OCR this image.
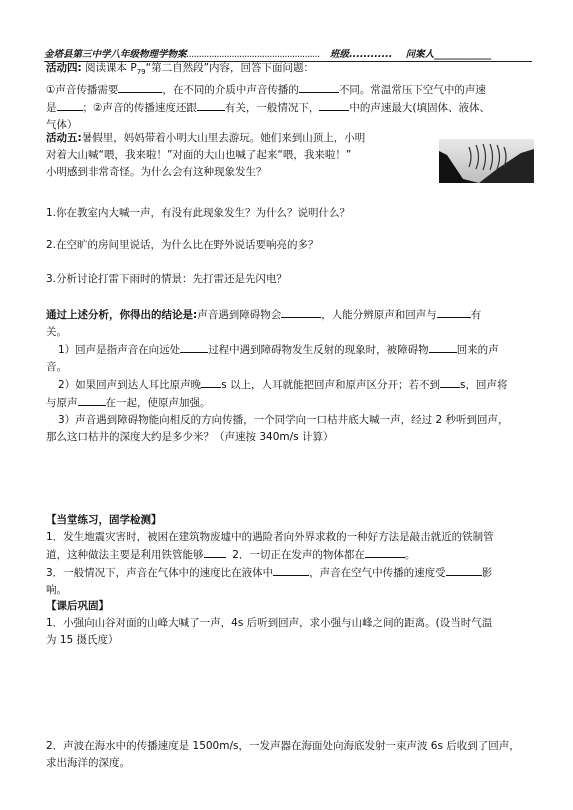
金塔县第三中学八年级物理学物案..................................................... 班级............ 问案人____________
活动四: 阅读课本 $P_{79}“$第二自然段”内容，回答下面问题：
①声音传播需要	，在不同的介质中声音传播的	不同。常温常压下空气中的声速
是 ；②声音的传播速度还跟	有关，一般情况下，	中的声速最大(填固体、液体、
气体）
活动五:暑假里，妈妈带着小明大山里去游玩。她们来到山顶上，小明
对着大山喊“喂，我来啦！”对面的大山也喊了起来“喂，我来啦！”
小明感到非常奇怪。为什么会有这种现象发生？
1.你在教室内大喊一声，有没有此现象发生？为什么？说明什么？
2.在空旷的房间里说话，为什么比在野外说话要响亮的多？
3.分析讨论打雷下雨时的情景：先打雷还是先闪电？
通过上述分析，你得出的结论是:声音遇到障碍物会	，人能分辨原声和回声与	有
关。
1）回声是指声音在向远处	过程中遇到障碍物发生反射的现象时，被障碍物	回来的声
音。
2）如果回声到达人耳比原声晚 s 以上，人耳就能把回声和原声区分开；若不到 s，回声将
与原声	在一起，使原声加强。
3）声音遇到障碍物能向相反的方向传播，一个同学向一口枯井底大喊一声，经过 2 秒听到回声，
那么这口枯井的深度大约是多少米？（声速按 340m/s 计算）
【当堂练习，固学检测】
1．发生地震灾害时，被困在建筑物废墟中的遇险者向外界求救的一种好方法是敲击就近的铁制管
道，这种做法主要是利用铁管能够	2．一切正在发声的物体都在	。
3．一般情况下，声音在气体中的速度比在液体中	，声音在空气中传播的速度受	影
响。
【课后巩固】
1．小强向山谷对面的山峰大喊了一声，4s 后听到回声，求小强与山峰之间的距离。(设当时气温
为 15 摄氏度）
2．声波在海水中的传播速度是 1500m/s，一发声器在海面处向海底发射一束声波 6s 后收到了回声，
求出海洋的深度。
